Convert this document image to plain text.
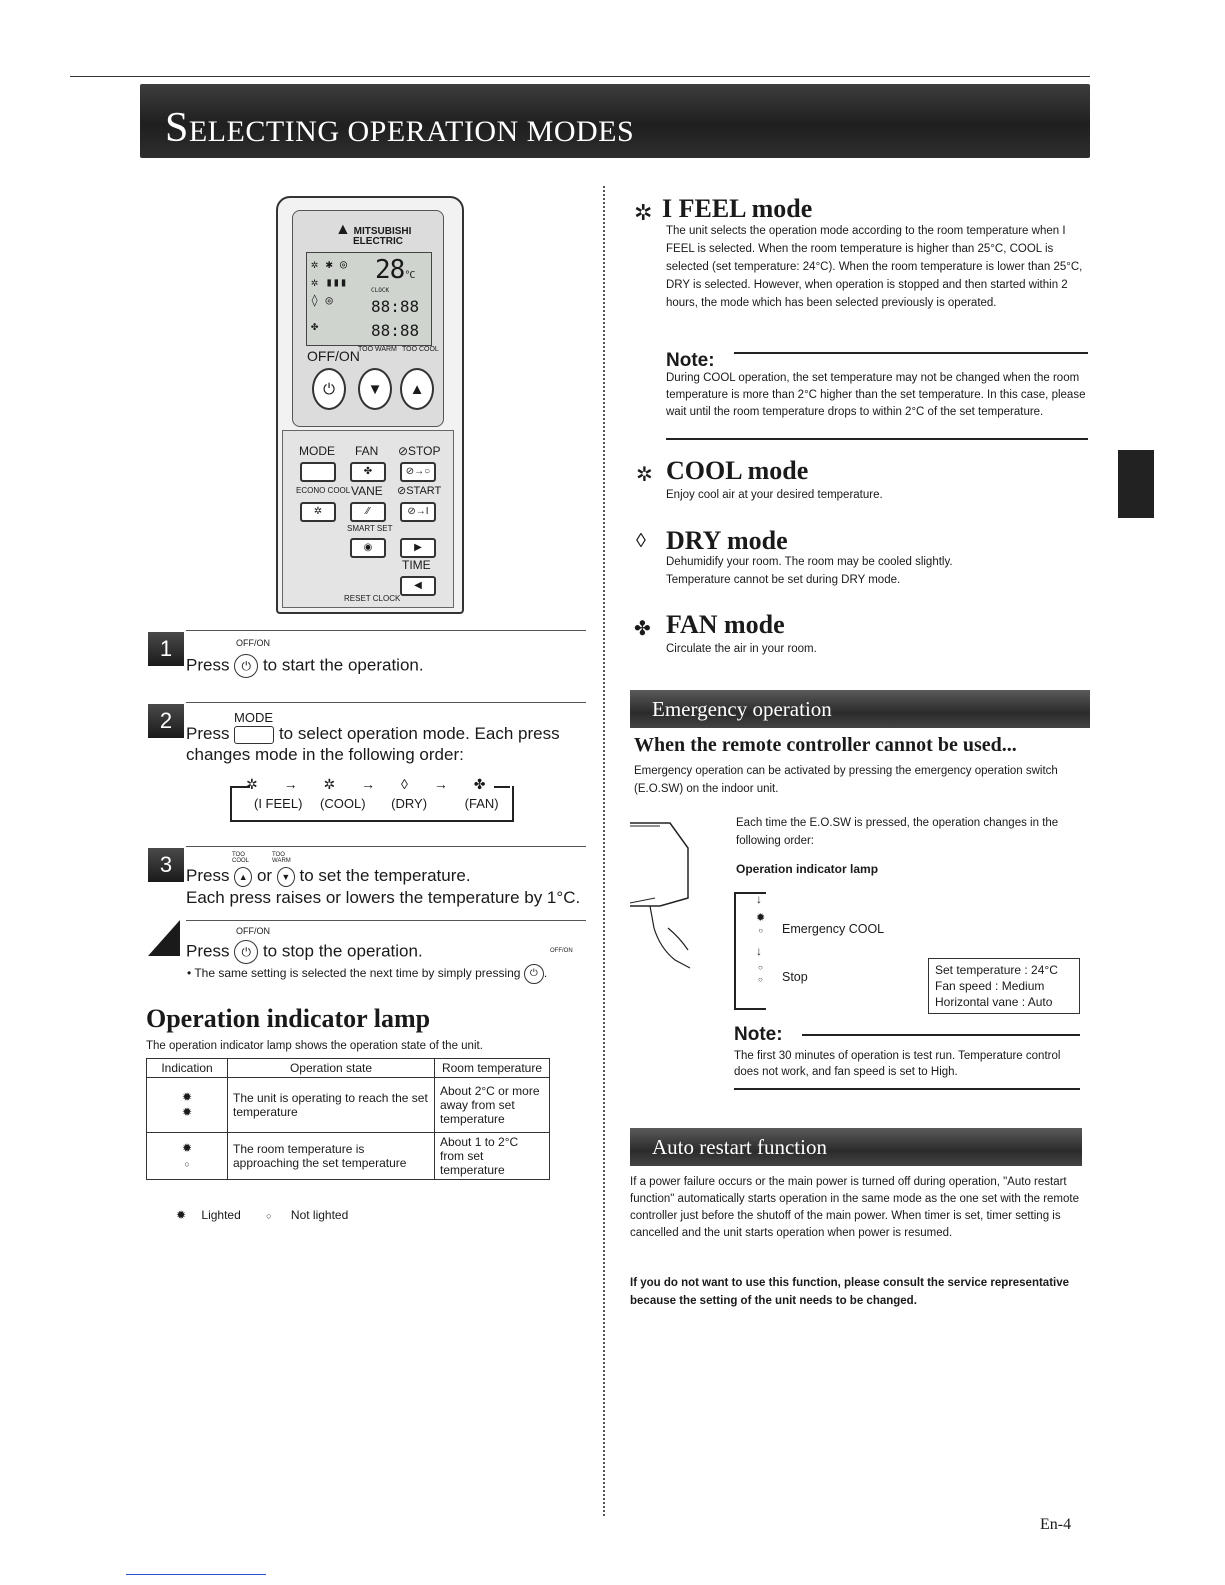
SELECTING OPERATION MODES
▲ MITSUBISHI
ELECTRIC
✲ ✱ ◎
✲ ▮▮▮
◊ ◎
✤
28°C
CLOCK
88:88
88:88
OFF/ON
TOO WARM TOO COOL
⏻ ▼ ▲
MODE FAN ⊘STOP
✤	⊘→○
ECONO COOL VANE ⊘START
✲	⁄⁄	⊘→I
SMART SET
◉	▶
TIME
◀
RESET CLOCK
1	OFF/ON
Press ⏻ to start the operation.
2	MODE
Press	to select operation mode. Each press
changes mode in the following order:
✲ → ✲ → ◊ → ✤
(I FEEL) (COOL) (DRY)	(FAN)
3	TOO COOL
TOO WARM
Press ▲ or ▼ to set the temperature.
Each press raises or lowers the temperature by 1°C.
OFF/ON
Press ⏻ to stop the operation.	OFF/ON
• The same setting is selected the next time by simply pressing ⏻ .
Operation indicator lamp
The operation indicator lamp shows the operation state of the unit.
Indication	Operation state	Room temperature
✹
✹	The unit is operating to reach the set temperature	About 2°C or more away from set temperature
✹
○	The room temperature is approaching the set temperature	About 1 to 2°C from set temperature
✹ Lighted	○ Not lighted
✲ I FEEL mode
The unit selects the operation mode according to the room temperature when I FEEL is selected. When the room temperature is higher than 25°C, COOL is selected (set temperature: 24°C). When the room temperature is lower than 25°C, DRY is selected. However, when operation is stopped and then started within 2 hours, the mode which has been selected previously is operated.
Note:
During COOL operation, the set temperature may not be changed when the room temperature is more than 2°C higher than the set temperature. In this case, please wait until the room temperature drops to within 2°C of the set temperature.
✲ COOL mode
Enjoy cool air at your desired temperature.
◊ DRY mode
Dehumidify your room. The room may be cooled slightly.
Temperature cannot be set during DRY mode.
✤ FAN mode
Circulate the air in your room.
Emergency operation
When the remote controller cannot be used...
Emergency operation can be activated by pressing the emergency operation switch (E.O.SW) on the indoor unit.
Each time the E.O.SW is pressed, the operation changes in the following order:
Operation indicator lamp
↓
✹
○ Emergency COOL
↓
○
○ Stop	Set temperature : 24°C
Fan speed : Medium
Horizontal vane : Auto
Note:
The first 30 minutes of operation is test run. Temperature control does not work, and fan speed is set to High.
Auto restart function
If a power failure occurs or the main power is turned off during operation, "Auto restart function" automatically starts operation in the same mode as the one set with the remote controller just before the shutoff of the main power. When timer is set, timer setting is cancelled and the unit starts operation when power is resumed.
If you do not want to use this function, please consult the service representative because the setting of the unit needs to be changed.
En-4
